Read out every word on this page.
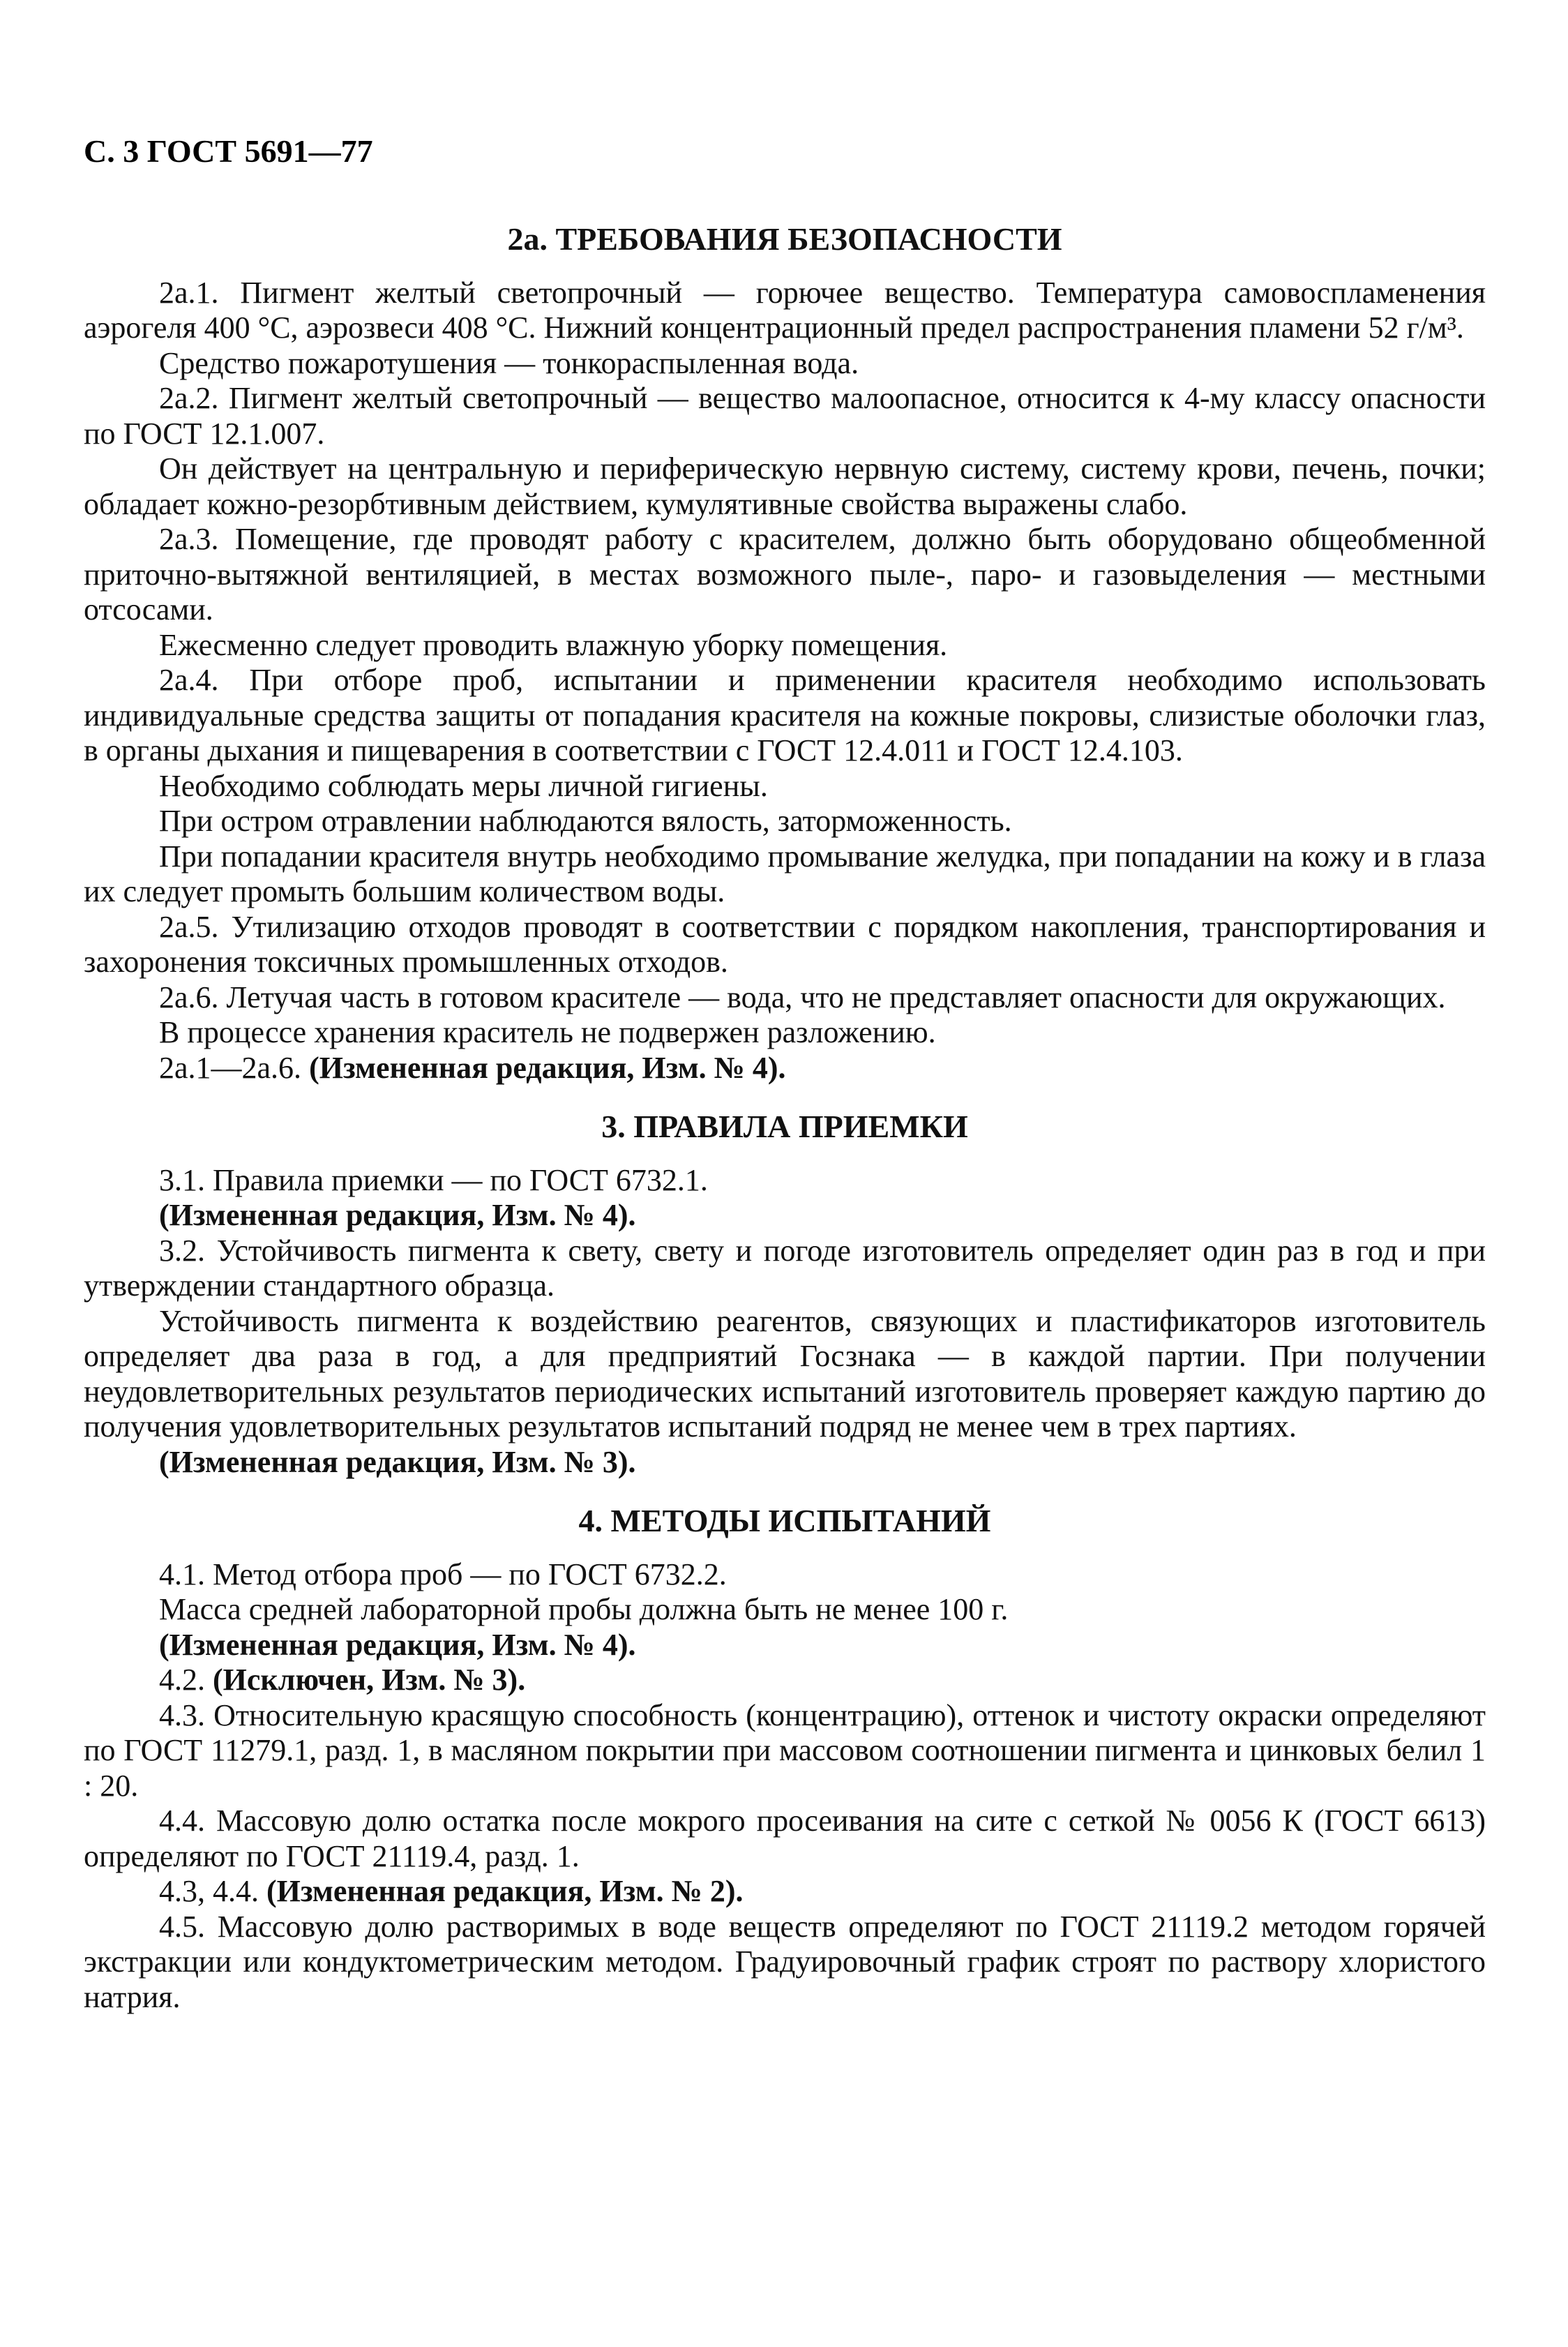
С. 3 ГОСТ 5691—77
2а. ТРЕБОВАНИЯ БЕЗОПАСНОСТИ

2а.1. Пигмент желтый светопрочный — горючее вещество. Температура самовоспламенения аэрогеля 400 °С, аэрозвеси 408 °С. Нижний концентрационный предел распространения пламени 52 г/м³.

Средство пожаротушения — тонкораспыленная вода.

2а.2. Пигмент желтый светопрочный — вещество малоопасное, относится к 4-му классу опасности по ГОСТ 12.1.007.

Он действует на центральную и периферическую нервную систему, систему крови, печень, почки; обладает кожно-резорбтивным действием, кумулятивные свойства выражены слабо.

2а.3. Помещение, где проводят работу с красителем, должно быть оборудовано общеобменной приточно-вытяжной вентиляцией, в местах возможного пыле-, паро- и газовыделения — местными отсосами.

Ежесменно следует проводить влажную уборку помещения.

2а.4. При отборе проб, испытании и применении красителя необходимо использовать индивидуальные средства защиты от попадания красителя на кожные покровы, слизистые оболочки глаз, в органы дыхания и пищеварения в соответствии с ГОСТ 12.4.011 и ГОСТ 12.4.103.

Необходимо соблюдать меры личной гигиены.

При остром отравлении наблюдаются вялость, заторможенность.

При попадании красителя внутрь необходимо промывание желудка, при попадании на кожу и в глаза их следует промыть большим количеством воды.

2а.5. Утилизацию отходов проводят в соответствии с порядком накопления, транспортирования и захоронения токсичных промышленных отходов.

2а.6. Летучая часть в готовом красителе — вода, что не представляет опасности для окружающих.

В процессе хранения краситель не подвержен разложению.

2а.1—2а.6. (Измененная редакция, Изм. № 4).

3. ПРАВИЛА ПРИЕМКИ

3.1. Правила приемки — по ГОСТ 6732.1.

(Измененная редакция, Изм. № 4).

3.2. Устойчивость пигмента к свету, свету и погоде изготовитель определяет один раз в год и при утверждении стандартного образца.

Устойчивость пигмента к воздействию реагентов, связующих и пластификаторов изготовитель определяет два раза в год, а для предприятий Госзнака — в каждой партии. При получении неудовлетворительных результатов периодических испытаний изготовитель проверяет каждую партию до получения удовлетворительных результатов испытаний подряд не менее чем в трех партиях.

(Измененная редакция, Изм. № 3).

4. МЕТОДЫ ИСПЫТАНИЙ

4.1. Метод отбора проб — по ГОСТ 6732.2.

Масса средней лабораторной пробы должна быть не менее 100 г.

(Измененная редакция, Изм. № 4).

4.2. (Исключен, Изм. № 3).

4.3. Относительную красящую способность (концентрацию), оттенок и чистоту окраски определяют по ГОСТ 11279.1, разд. 1, в масляном покрытии при массовом соотношении пигмента и цинковых белил 1 : 20.

4.4. Массовую долю остатка после мокрого просеивания на сите с сеткой № 0056 К (ГОСТ 6613) определяют по ГОСТ 21119.4, разд. 1.

4.3, 4.4. (Измененная редакция, Изм. № 2).

4.5. Массовую долю растворимых в воде веществ определяют по ГОСТ 21119.2 методом горячей экстракции или кондуктометрическим методом. Градуировочный график строят по раствору хлористого натрия.
